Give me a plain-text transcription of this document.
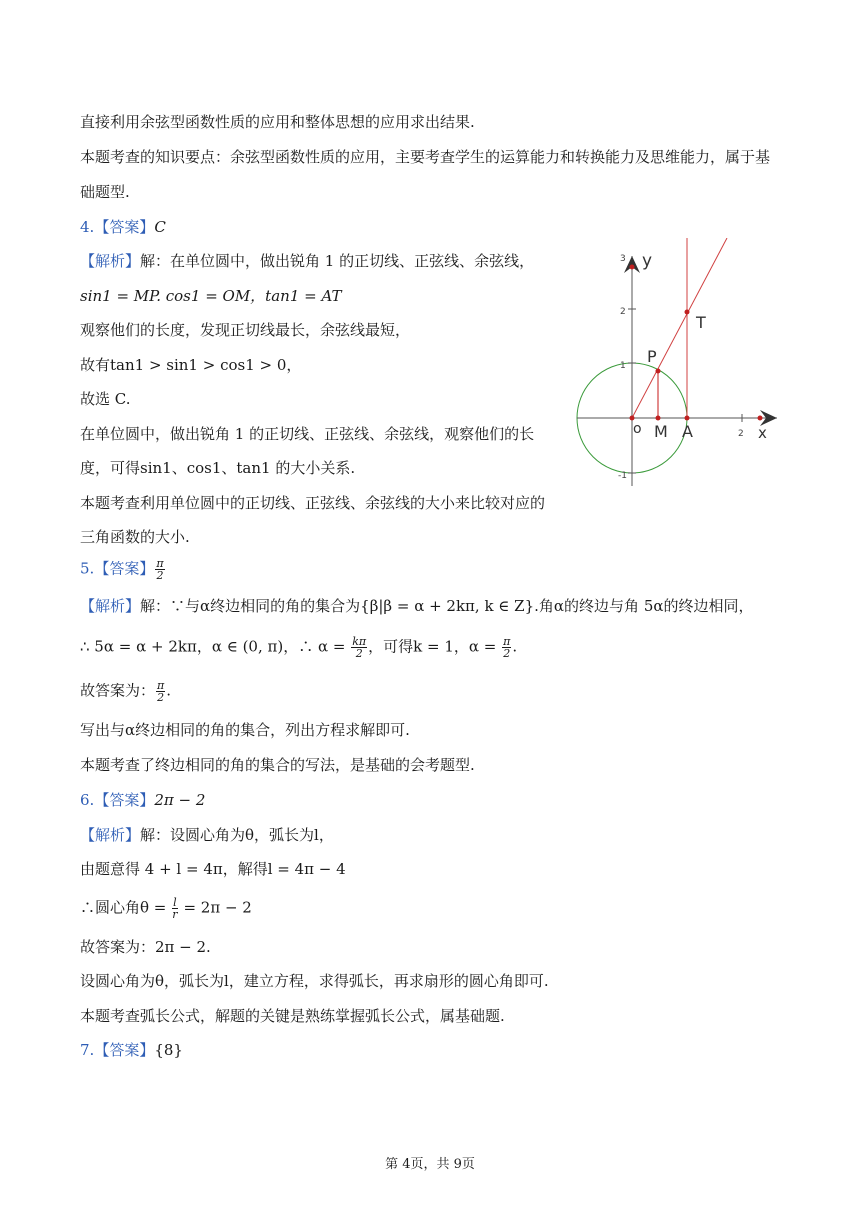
直接利用余弦型函数性质的应用和整体思想的应用求出结果.
本题考查的知识要点：余弦型函数性质的应用，主要考查学生的运算能力和转换能力及思维能力，属于基
础题型.
4.【答案】C
【解析】解：在单位圆中，做出锐角 1 的正切线、正弦线、余弦线，
sin1 = MP. cos1 = OM，tan1 = AT
观察他们的长度，发现正切线最长，余弦线最短，
故有tan1 > sin1 > cos1 > 0，
故选 C.
在单位圆中，做出锐角 1 的正切线、正弦线、余弦线，观察他们的长
度，可得sin1、cos1、tan1 的大小关系.
本题考查利用单位圆中的正切线、正弦线、余弦线的大小来比较对应的
三角函数的大小.
3
2
1
-1
2
y
x
o M A
P
T
5.【答案】 $\frac{\pi}{2}$
【解析】解：∵与α终边相同的角的集合为{β|β = α + 2kπ, k ∈ Z}.角α的终边与角 5α的终边相同，
∴ 5α = α + 2kπ，α ∈ (0, π)，∴ $\alpha = \frac{k\pi}{2}$ ，可得k = 1，$\alpha = \frac{\pi}{2}$ .
故答案为： $\frac{\pi}{2}$ .
写出与α终边相同的角的集合，列出方程求解即可.
本题考查了终边相同的角的集合的写法，是基础的会考题型.
6.【答案】2π − 2
【解析】解：设圆心角为θ，弧长为l，
由题意得 4 + l = 4π，解得l = 4π − 4
∴圆心角$\theta = \frac{l}{r} = 2\pi - 2$
故答案为：2π − 2.
设圆心角为θ，弧长为l，建立方程，求得弧长，再求扇形的圆心角即可.
本题考查弧长公式，解题的关键是熟练掌握弧长公式，属基础题.
7.【答案】{8}
第 4页，共 9页
